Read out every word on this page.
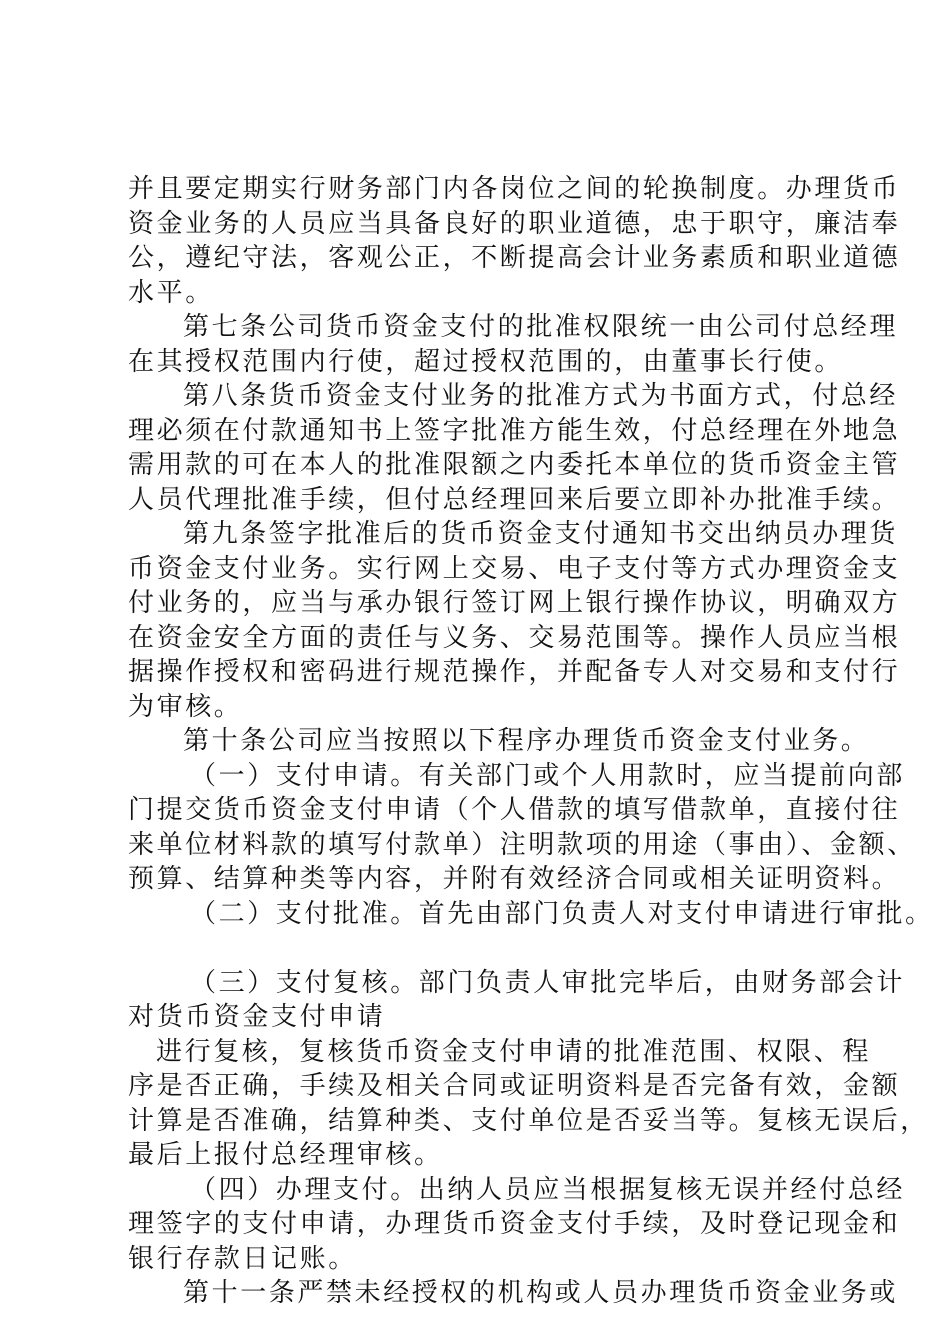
并且要定期实行财务部门内各岗位之间的轮换制度。办理货币
资金业务的人员应当具备良好的职业道德，忠于职守，廉洁奉
公，遵纪守法，客观公正，不断提高会计业务素质和职业道德
水平。
第七条公司货币资金支付的批准权限统一由公司付总经理
在其授权范围内行使，超过授权范围的，由董事长行使。
第八条货币资金支付业务的批准方式为书面方式，付总经
理必须在付款通知书上签字批准方能生效，付总经理在外地急
需用款的可在本人的批准限额之内委托本单位的货币资金主管
人员代理批准手续，但付总经理回来后要立即补办批准手续。
第九条签字批准后的货币资金支付通知书交出纳员办理货
币资金支付业务。实行网上交易、电子支付等方式办理资金支
付业务的，应当与承办银行签订网上银行操作协议，明确双方
在资金安全方面的责任与义务、交易范围等。操作人员应当根
据操作授权和密码进行规范操作，并配备专人对交易和支付行
为审核。
第十条公司应当按照以下程序办理货币资金支付业务。
（一）支付申请。有关部门或个人用款时，应当提前向部
门提交货币资金支付申请（个人借款的填写借款单，直接付往
来单位材料款的填写付款单）注明款项的用途（事由）、金额、
预算、结算种类等内容，并附有效经济合同或相关证明资料。
（二）支付批准。首先由部门负责人对支付申请进行审批。
（三）支付复核。部门负责人审批完毕后，由财务部会计
对货币资金支付申请
进行复核，复核货币资金支付申请的批准范围、权限、程
序是否正确，手续及相关合同或证明资料是否完备有效，金额
计算是否准确，结算种类、支付单位是否妥当等。复核无误后，
最后上报付总经理审核。
（四）办理支付。出纳人员应当根据复核无误并经付总经
理签字的支付申请，办理货币资金支付手续，及时登记现金和
银行存款日记账。
第十一条严禁未经授权的机构或人员办理货币资金业务或
